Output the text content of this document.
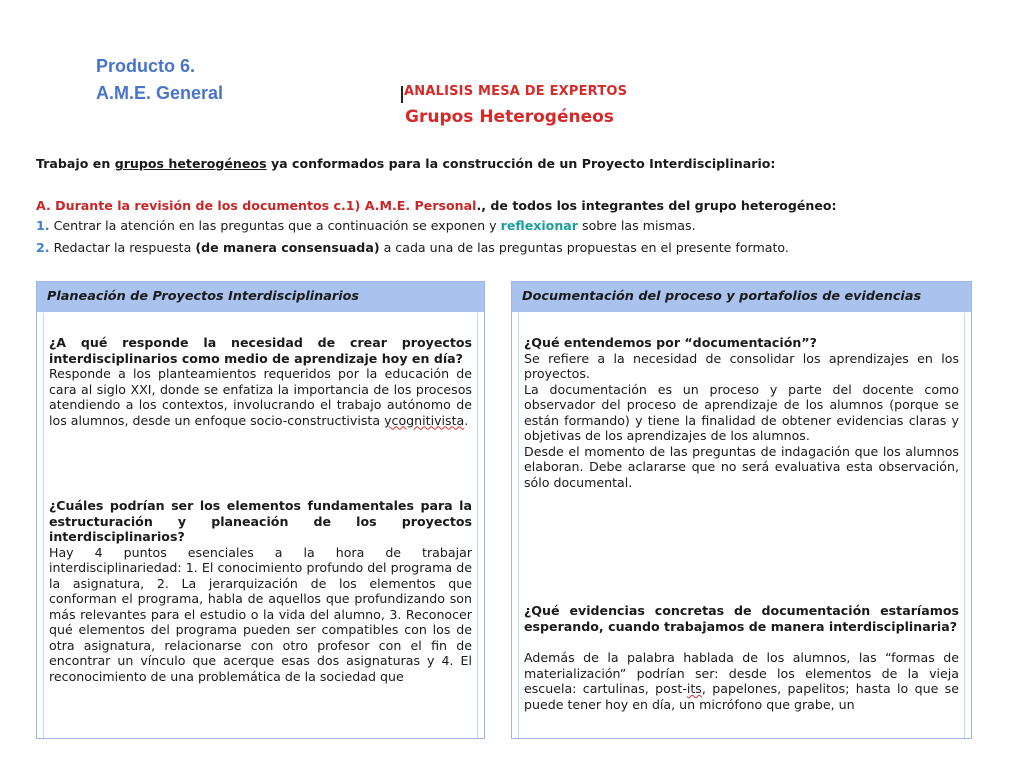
Producto 6.
A.M.E. General	ANALISIS MESA DE EXPERTOS
Grupos Heterogéneos
Trabajo en grupos heterogéneos ya conformados para la construcción de un Proyecto Interdisciplinario:
A. Durante la revisión de los documentos c.1) A.M.E. Personal., de todos los integrantes del grupo heterogéneo:
1. Centrar la atención en las preguntas que a continuación se exponen y reflexionar sobre las mismas.
2. Redactar la respuesta (de manera consensuada) a cada una de las preguntas propuestas en el presente formato.
Planeación de Proyectos Interdisciplinarios
¿A qué responde la necesidad de crear proyectos interdisciplinarios como medio de aprendizaje hoy en día?
Responde a los planteamientos requeridos por la educación de cara al siglo XXI, donde se enfatiza la importancia de los procesos atendiendo a los contextos, involucrando el trabajo autónomo de los alumnos, desde un enfoque socio-constructivista ycognitivista.
¿Cuáles podrían ser los elementos fundamentales para la estructuración y planeación de los proyectos interdisciplinarios?
Hay 4 puntos esenciales a la hora de trabajar interdisciplinariedad: 1. El conocimiento profundo del programa de la asignatura, 2. La jerarquización de los elementos que conforman el programa, habla de aquellos que profundizando son más relevantes para el estudio o la vida del alumno, 3. Reconocer qué elementos del programa pueden ser compatibles con los de otra asignatura, relacionarse con otro profesor con el fin de encontrar un vínculo que acerque esas dos asignaturas y 4. El reconocimiento de una problemática de la sociedad que
Documentación del proceso y portafolios de evidencias
¿Qué entendemos por “documentación”?
Se refiere a la necesidad de consolidar los aprendizajes en los proyectos.
La documentación es un proceso y parte del docente como observador del proceso de aprendizaje de los alumnos (porque se están formando) y tiene la finalidad de obtener evidencias claras y objetivas de los aprendizajes de los alumnos.
Desde el momento de las preguntas de indagación que los alumnos elaboran. Debe aclararse que no será evaluativa esta observación, sólo documental.
¿Qué evidencias concretas de documentación estaríamos esperando, cuando trabajamos de manera interdisciplinaria?
Además de la palabra hablada de los alumnos, las “formas de materialización” podrían ser: desde los elementos de la vieja escuela: cartulinas, post-its, papelones, papelitos; hasta lo que se puede tener hoy en día, un micrófono que grabe, un
